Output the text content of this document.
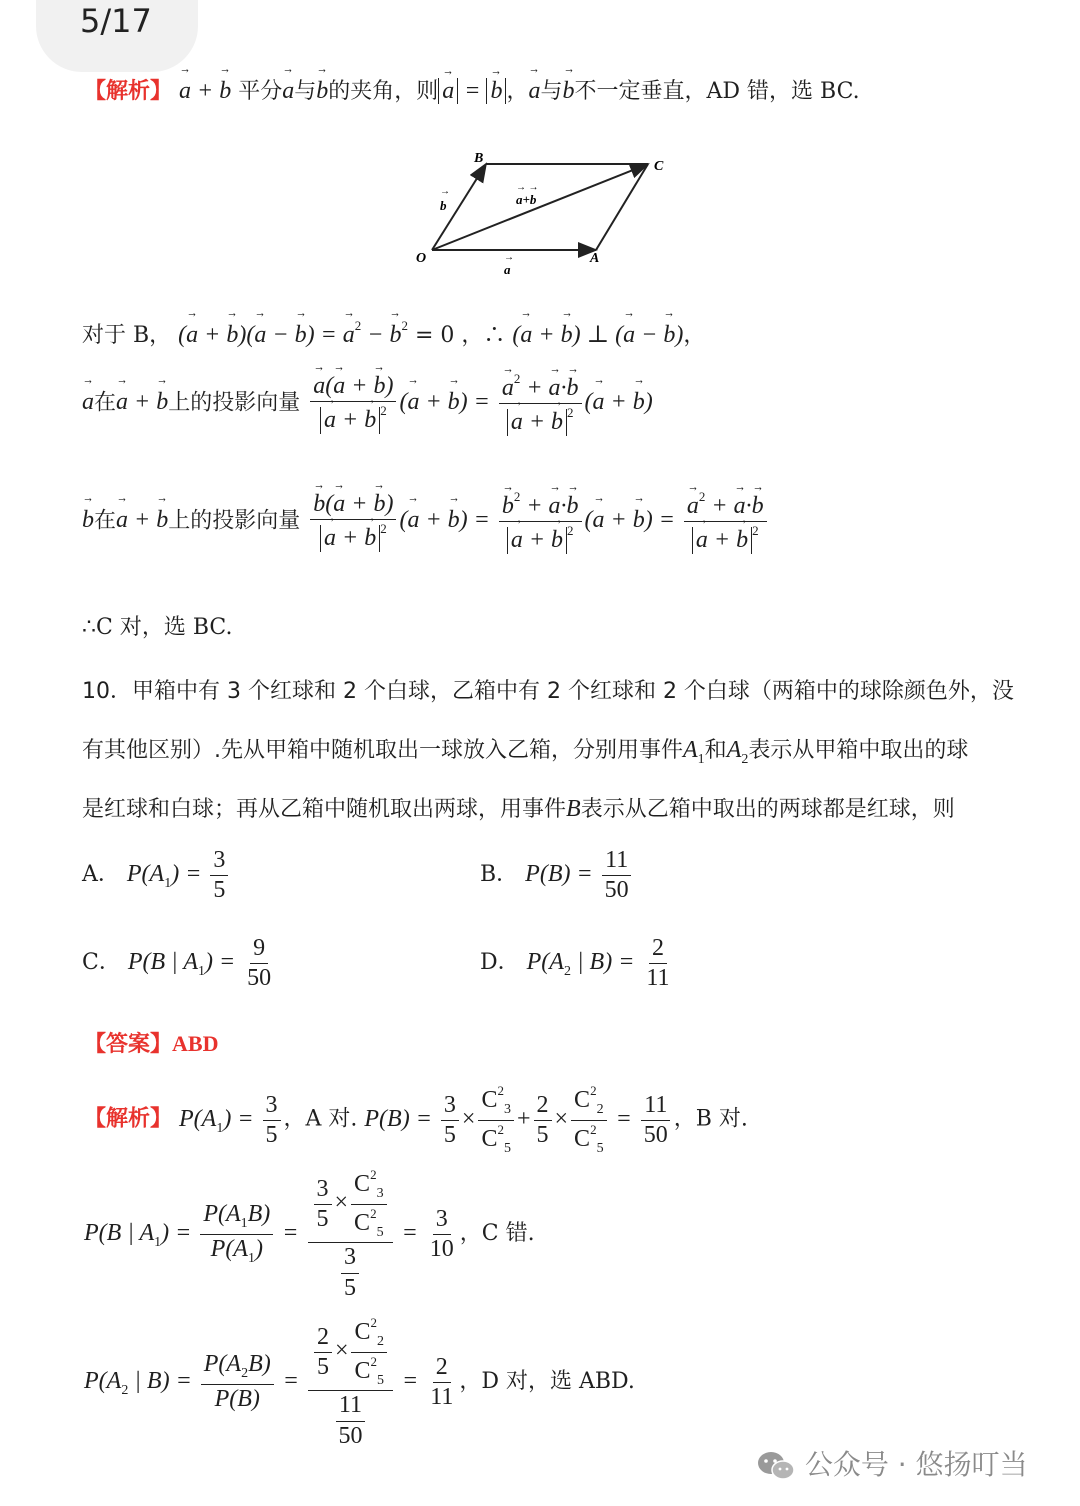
5/17
【解析】 → a + → b 平分→ a与→ b的夹角，则 → a = → b ，→ a与→ b不一定垂直，AD 错，选 BC.
B
C
O	A
b
→
a
→
a+b
→ →
对于 B， (→ a + → b)(→ a − → b) = → $a^2$ − → $b^2 = 0$ ，∴ (→ a + → b) ⊥ (→ a − → b)，
→ a在→ a + → b上的投影向量 → a(→ a + → b)
→ a + → b $^2$ (→ a + → b) = → $a^2$ + → a·→ b
→ a + → b $^2$ (→ a + → b)
→ b在→ a + → b上的投影向量 → b(→ a + → b)
→ a + → b $^2$ (→ a + → b) = → $b^2$ + → a·→ b
→ a + → b $^2$ (→ a + → b) = → $a^2$ + → a·→ b
→ a + → b $^2$
∴C 对，选 BC.
10．甲箱中有 3 个红球和 2 个白球，乙箱中有 2 个红球和 2 个白球（两箱中的球除颜色外，没
有其他区别）.先从甲箱中随机取出一球放入乙箱，分别用事件$A_1$和$A_2$表示从甲箱中取出的球
是红球和白球；再从乙箱中随机取出两球，用事件B表示从乙箱中取出的两球都是红球，则
A． $P(A_1) = \frac{3}{5}$	B． $P(B) = \frac{11}{50}$
C． P(B | $A_1) = \frac{9}{50}$	D． $P(A_2$ | $B) = \frac{2}{11}$
【答案】ABD
【解析】 $P(A_1) = \frac{3}{5}$ ，A 对. $P(B) = \frac{3}{5} \times \frac{C^2_3}{C^2_5} + \frac{2}{5} \times \frac{C^2_2}{C^2_5} = \frac{11}{50}$ ，B 对.
P(B | $A_1) = \frac{P(A_1B)}{P(A_1)} = \frac{\frac{3}{5} \times \frac{C^2_3}{C^2_5}}{\frac{3}{5}} = \frac{3}{10}$ ，C 错.
$P(A_2$ | $B) = \frac{P(A_2B)}{P(B)} = \frac{\frac{2}{5} \times \frac{C^2_2}{C^2_5}}{\frac{11}{50}} = \frac{2}{11}$ ，D 对，选 ABD.
公众号 · 悠扬叮当
